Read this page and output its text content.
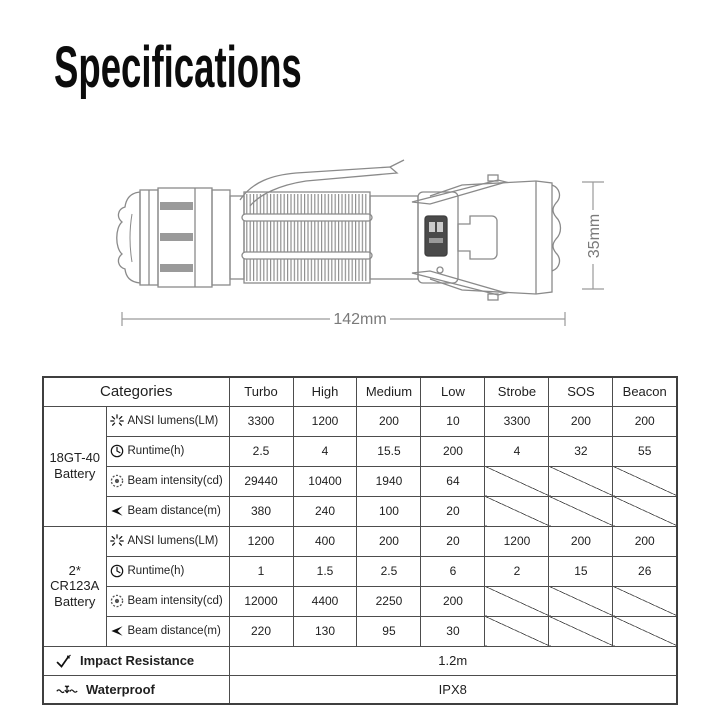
Specifications
142mm
35mm
Categories		Turbo	High	Medium	Low	Strobe	SOS	Beacon

18GT-40
Battery	ANSI lumens(LM)	3300	1200	200	10	3300	200	200

	Runtime(h)	2.5	4	15.5	200	4	32	55

	Beam intensity(cd)	29440	10400	1940	64			

	Beam distance(m)	380	240	100	20			

2*
CR123A
Battery	ANSI lumens(LM)	1200	400	200	20	1200	200	200

	Runtime(h)	1	1.5	2.5	6	2	15	26

	Beam intensity(cd)	12000	4400	2250	200			

	Beam distance(m)	220	130	95	30			

Impact Resistance		1.2m						

Waterproof		IPX8						
